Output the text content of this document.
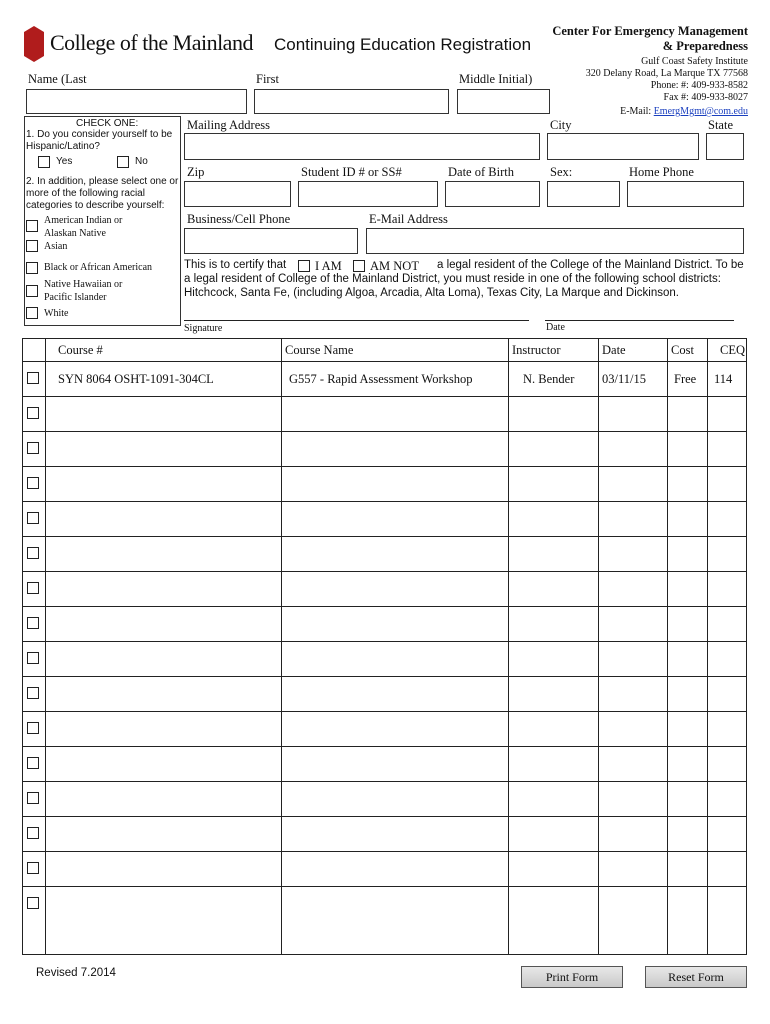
College of the Mainland Continuing Education Registration
Center For Emergency Management
& Preparedness
Gulf Coast Safety Institute
320 Delany Road, La Marque TX 77568
Phone: #: 409-933-8582
Fax #: 409-933-8027
E-Mail: EmergMgmt@com.edu
Name (Last	First	Middle Initial)
CHECK ONE:
1. Do you consider yourself to be
Hispanic/Latino?
Yes	No
2. In addition, please select one or
more of the following racial
categories to describe yourself:
American Indian or
Alaskan Native
Asian
Black or African American
Native Hawaiian or
Pacific Islander
White
Mailing Address	City	State
Zip	Student ID # or SS#	Date of Birth	Sex:	Home Phone
Business/Cell Phone	E-Mail Address
This is to certify that I AM AM NOT a legal resident of the College of the Mainland District. To be
a legal resident of College of the Mainland District, you must reside in one of the following school districts:
Hitchcock, Santa Fe, (including Algoa, Arcadia, Alta Loma), Texas City, La Marque and Dickinson.
Signature	Date
Course #	Course Name	Instructor	Date	Cost CEQ
SYN 8064 OSHT-1091-304CL	G557 - Rapid Assessment Workshop	N. Bender 03/11/15 Free 114
Revised 7.2014	Print Form	Reset Form
